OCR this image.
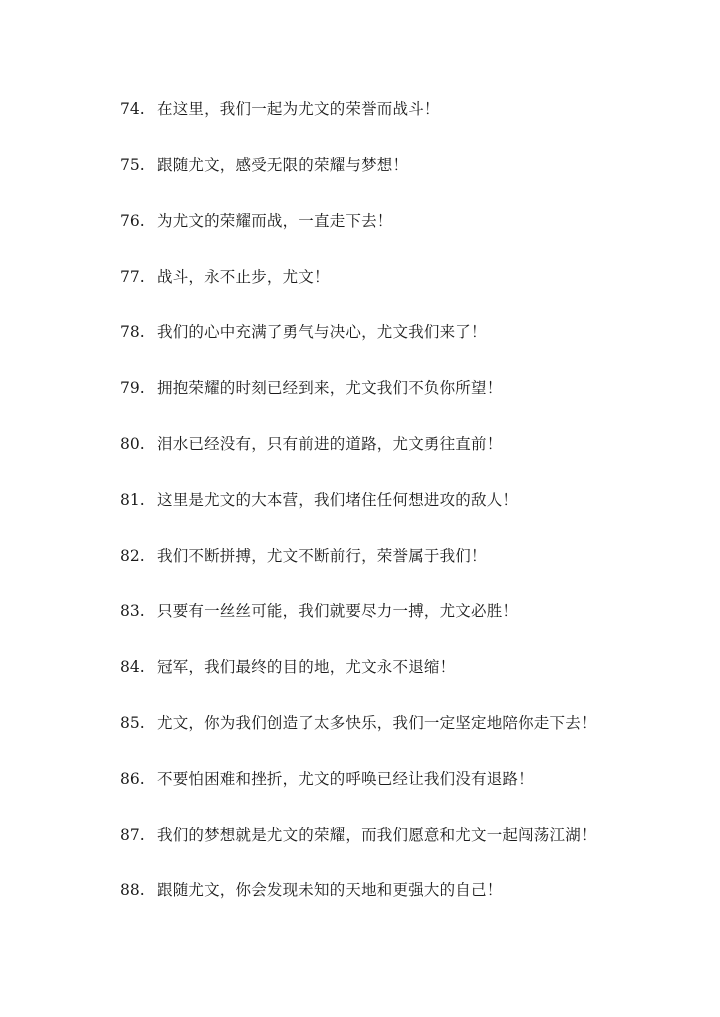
74. 在这里，我们一起为尤文的荣誉而战斗！
75. 跟随尤文，感受无限的荣耀与梦想！
76. 为尤文的荣耀而战，一直走下去！
77. 战斗，永不止步，尤文！
78. 我们的心中充满了勇气与决心，尤文我们来了！
79. 拥抱荣耀的时刻已经到来，尤文我们不负你所望！
80. 泪水已经没有，只有前进的道路，尤文勇往直前！
81. 这里是尤文的大本营，我们堵住任何想进攻的敌人！
82. 我们不断拼搏，尤文不断前行，荣誉属于我们！
83. 只要有一丝丝可能，我们就要尽力一搏，尤文必胜！
84. 冠军，我们最终的目的地，尤文永不退缩！
85. 尤文，你为我们创造了太多快乐，我们一定坚定地陪你走下去！
86. 不要怕困难和挫折，尤文的呼唤已经让我们没有退路！
87. 我们的梦想就是尤文的荣耀，而我们愿意和尤文一起闯荡江湖！
88. 跟随尤文，你会发现未知的天地和更强大的自己！
